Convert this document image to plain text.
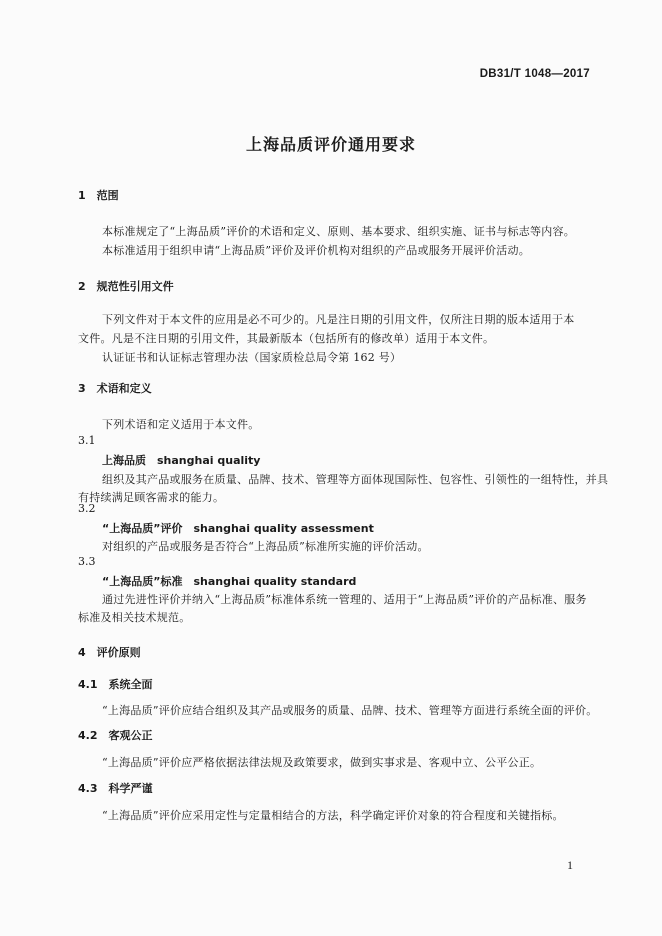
DB31/T 1048—2017
上海品质评价通用要求
1　范围
本标准规定了“上海品质”评价的术语和定义、原则、基本要求、组织实施、证书与标志等内容。
本标准适用于组织申请“上海品质”评价及评价机构对组织的产品或服务开展评价活动。
2　规范性引用文件
下列文件对于本文件的应用是必不可少的。凡是注日期的引用文件，仅所注日期的版本适用于本
文件。凡是不注日期的引用文件，其最新版本（包括所有的修改单）适用于本文件。
认证证书和认证标志管理办法（国家质检总局令第 162 号）
3　术语和定义
下列术语和定义适用于本文件。
3.1
上海品质　shanghai quality
组织及其产品或服务在质量、品牌、技术、管理等方面体现国际性、包容性、引领性的一组特性，并具
有持续满足顾客需求的能力。
3.2
“上海品质”评价　shanghai quality assessment
对组织的产品或服务是否符合“上海品质”标准所实施的评价活动。
3.3
“上海品质”标准　shanghai quality standard
通过先进性评价并纳入“上海品质”标准体系统一管理的、适用于“上海品质”评价的产品标准、服务
标准及相关技术规范。
4　评价原则
4.1　系统全面
“上海品质”评价应结合组织及其产品或服务的质量、品牌、技术、管理等方面进行系统全面的评价。
4.2　客观公正
“上海品质”评价应严格依据法律法规及政策要求，做到实事求是、客观中立、公平公正。
4.3　科学严谨
“上海品质”评价应采用定性与定量相结合的方法，科学确定评价对象的符合程度和关键指标。
1
